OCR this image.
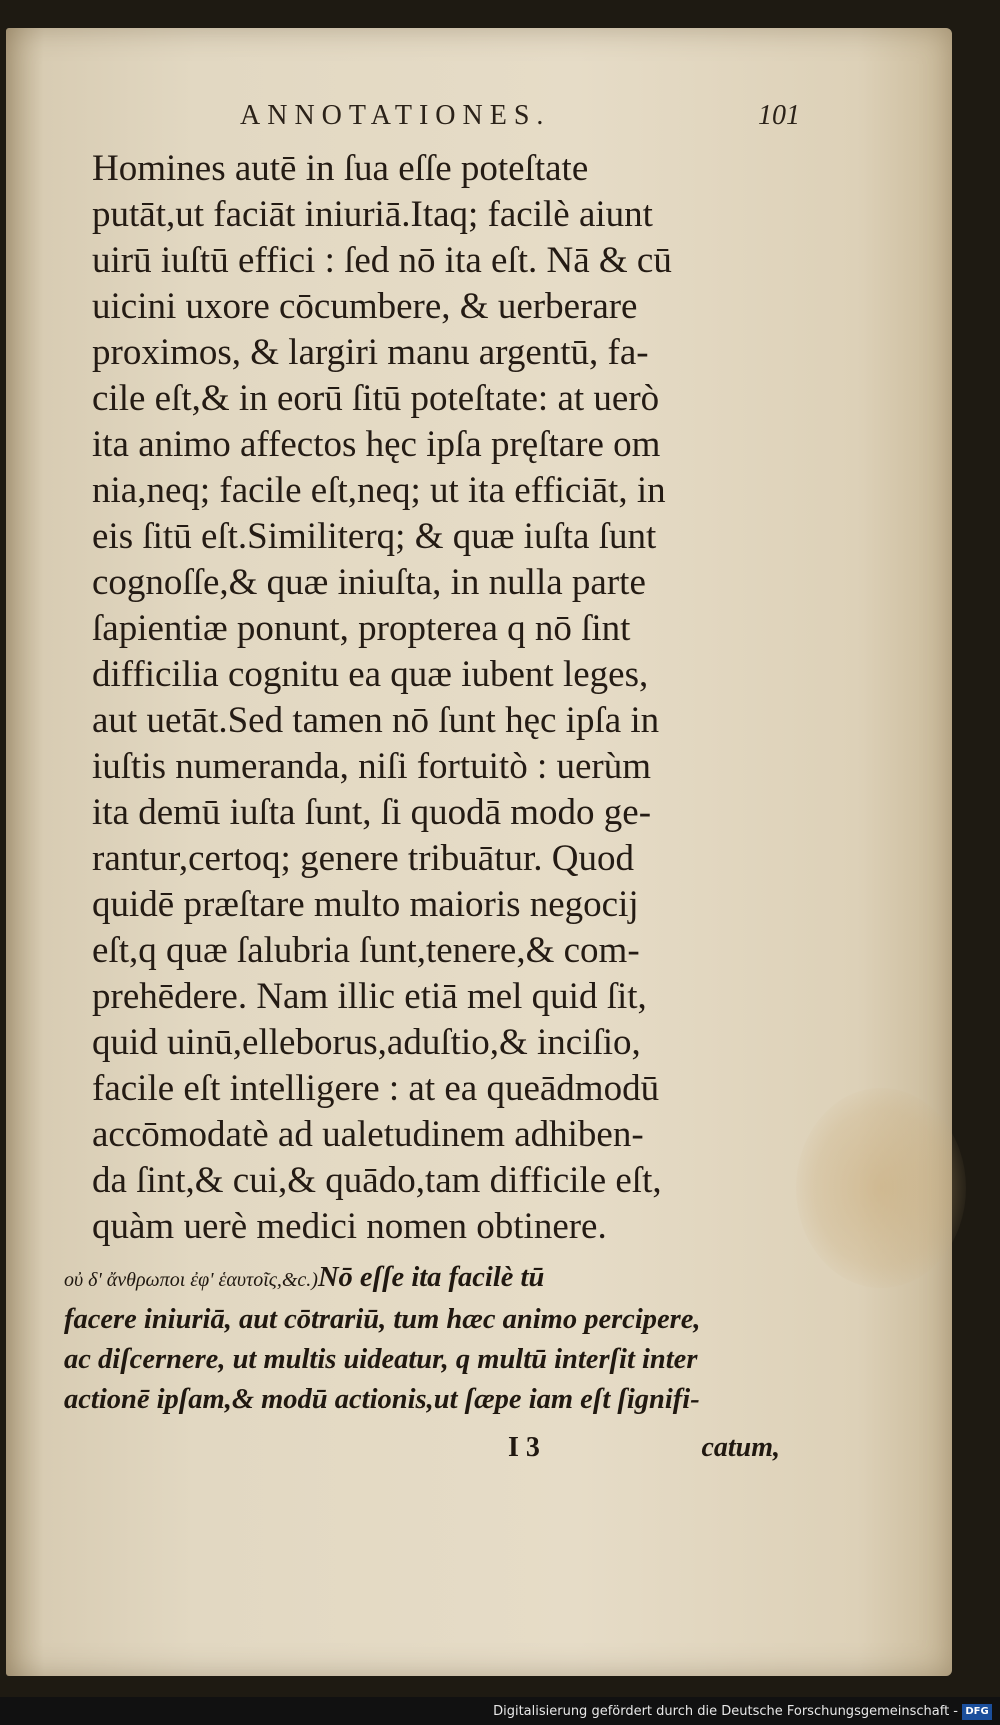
ANNOTATIONES.	101
Homines autē in ſua eſſe poteſtate
putāt,ut faciāt iniuriā.Itaq; facilè aiunt
uirū iuſtū effici : ſed nō ita eſt. Nā & cū
uicini uxore cōcumbere, & uerberare
proximos, & largiri manu argentū, fa-
cile eſt,& in eorū ſitū poteſtate: at uerò
ita animo affectos hęc ipſa pręſtare om
nia,neq; facile eſt,neq; ut ita efficiāt, in
eis ſitū eſt.Similiterq; & quæ iuſta ſunt
cognoſſe,& quæ iniuſta, in nulla parte
ſapientiæ ponunt, propterea q nō ſint
difficilia cognitu ea quæ iubent leges,
aut uetāt.Sed tamen nō ſunt hęc ipſa in
iuſtis numeranda, niſi fortuitò : uerùm
ita demū iuſta ſunt, ſi quodā modo ge-
rantur,certoq; genere tribuātur. Quod
quidē præſtare multo maioris negocij
eſt,q quæ ſalubria ſunt,tenere,& com-
prehēdere. Nam illic etiā mel quid ſit,
quid uinū,elleborus,aduſtio,& inciſio,
facile eſt intelligere : at ea queādmodū
accōmodatè ad ualetudinem adhiben-
da ſint,& cui,& quādo,tam difficile eſt,
quàm uerè medici nomen obtinere.
οὐ δ' ἄνθρωποι ἐφ' ἑαυτοῖς,&c.)Nō eſſe ita facilè tū
facere iniuriā, aut cōtrariū, tum hæc animo percipere,
ac diſcernere, ut multis uideatur, q multū interſit inter
actionē ipſam,& modū actionis,ut ſæpe iam eſt ſignifi-
I 3	catum,
Digitalisierung gefördert durch die Deutsche Forschungsgemeinschaft - DFG
